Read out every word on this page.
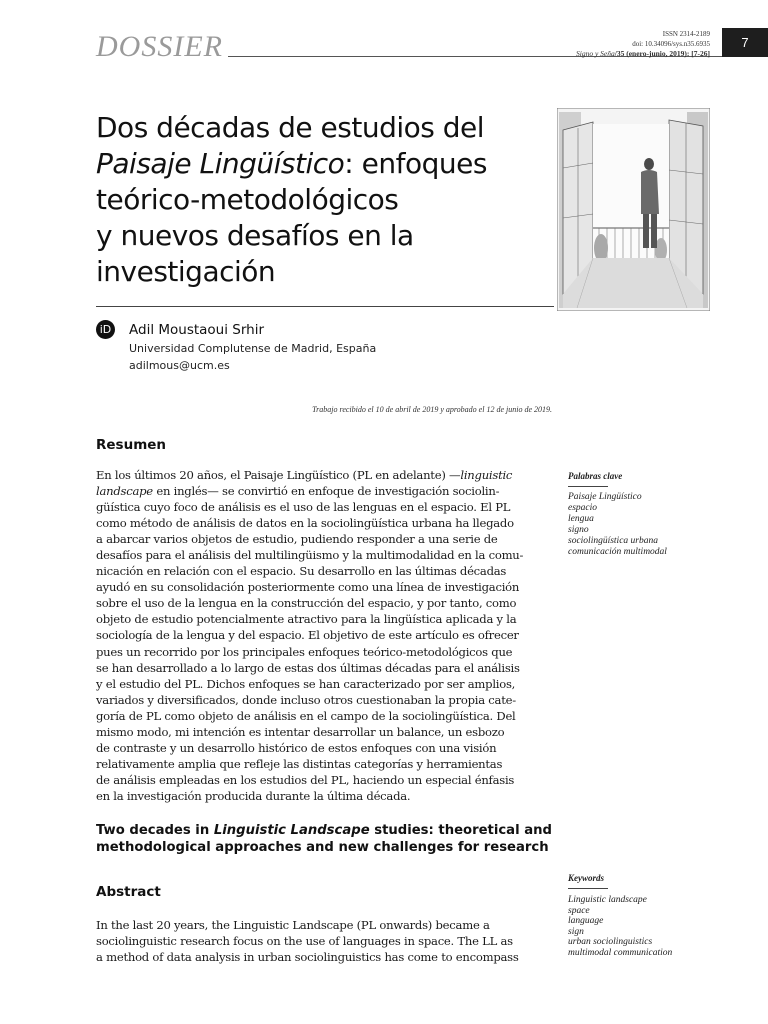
DOSSIER	ISSN 2314-2189
doi: 10.34096/sys.n35.6935
Signo y Seña/35 (enero-junio, 2019): [7-26]
7
Dos décadas de estudios del
Paisaje Lingüístico: enfoques
teórico-metodológicos
y nuevos desafíos en la
investigación
iD Adil Moustaoui Srhir
Universidad Complutense de Madrid, España
adilmous@ucm.es
Trabajo recibido el 10 de abril de 2019 y aprobado el 12 de junio de 2019.
Resumen
En los últimos 20 años, el Paisaje Lingüístico (PL en adelante) —linguistic
landscape en inglés— se convirtió en enfoque de investigación sociolin-
güística cuyo foco de análisis es el uso de las lenguas en el espacio. El PL
como método de análisis de datos en la sociolingüística urbana ha llegado
a abarcar varios objetos de estudio, pudiendo responder a una serie de
desafíos para el análisis del multilingüismo y la multimodalidad en la comu-
nicación en relación con el espacio. Su desarrollo en las últimas décadas
ayudó en su consolidación posteriormente como una línea de investigación
sobre el uso de la lengua en la construcción del espacio, y por tanto, como
objeto de estudio potencialmente atractivo para la lingüística aplicada y la
sociología de la lengua y del espacio. El objetivo de este artículo es ofrecer
pues un recorrido por los principales enfoques teórico-metodológicos que
se han desarrollado a lo largo de estas dos últimas décadas para el análisis
y el estudio del PL. Dichos enfoques se han caracterizado por ser amplios,
variados y diversificados, donde incluso otros cuestionaban la propia cate-
goría de PL como objeto de análisis en el campo de la sociolingüística. Del
mismo modo, mi intención es intentar desarrollar un balance, un esbozo
de contraste y un desarrollo histórico de estos enfoques con una visión
relativamente amplia que refleje las distintas categorías y herramientas
de análisis empleadas en los estudios del PL, haciendo un especial énfasis
en la investigación producida durante la última década.
Palabras clave
Paisaje Lingüístico
espacio
lengua
signo
sociolingüística urbana
comunicación multimodal
Two decades in Linguistic Landscape studies: theoretical and
methodological approaches and new challenges for research
Keywords
Linguistic landscape
space
language
sign
urban sociolinguistics
multimodal communication
Abstract
In the last 20 years, the Linguistic Landscape (PL onwards) became a
sociolinguistic research focus on the use of languages in space. The LL as
a method of data analysis in urban sociolinguistics has come to encompass
